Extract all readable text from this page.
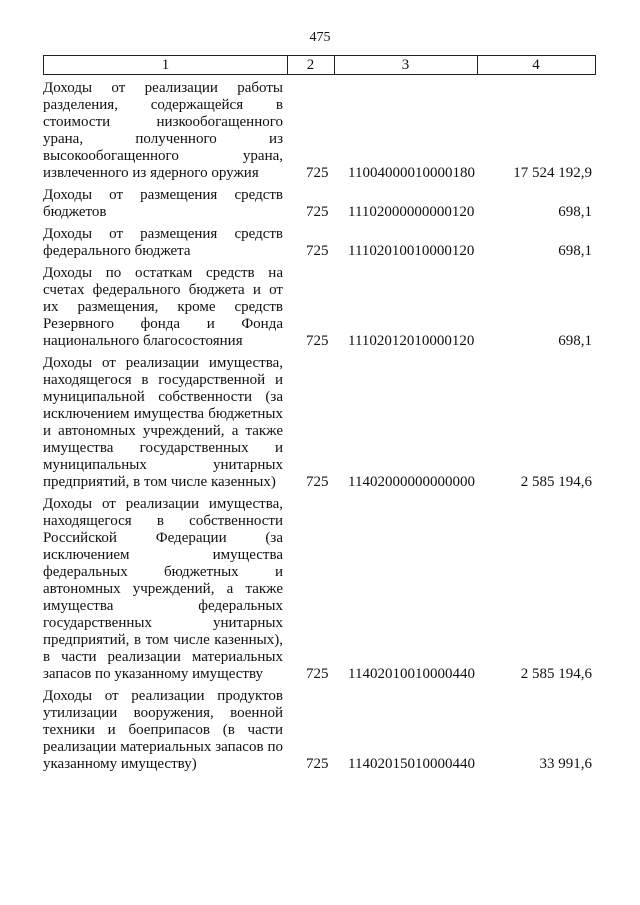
475
1	2	3	4
Доходы от реализации работы разделения, содержащейся в стоимости низкообогащенного урана, полученного из высокообогащенного урана, извлеченного из ядерного оружия	725 11004000010000180	17 524 192,9
Доходы от размещения средств бюджетов	725 11102000000000120	698,1
Доходы от размещения средств федерального бюджета	725 11102010010000120	698,1
Доходы по остаткам средств на счетах федерального бюджета и от их размещения, кроме средств Резервного фонда и Фонда национального благосостояния	725 11102012010000120	698,1
Доходы от реализации имущества, находящегося в государственной и муниципальной собственности (за исключением имущества бюджетных и автономных учреждений, а также имущества государственных и муниципальных унитарных предприятий, в том числе казенных)	725 11402000000000000	2 585 194,6
Доходы от реализации имущества, находящегося в собственности Российской Федерации (за исключением имущества федеральных бюджетных и автономных учреждений, а также имущества федеральных государственных унитарных предприятий, в том числе казенных), в части реализации материальных запасов по указанному имуществу	725 11402010010000440	2 585 194,6
Доходы от реализации продуктов утилизации вооружения, военной техники и боеприпасов (в части реализации материальных запасов по указанному имуществу)	725 11402015010000440	33 991,6
